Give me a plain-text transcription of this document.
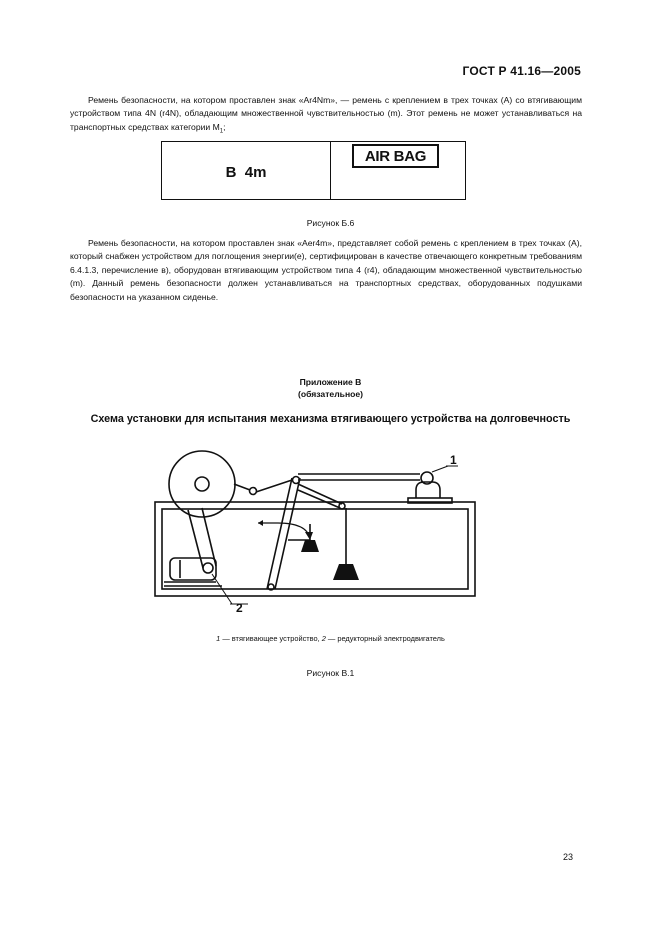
ГОСТ Р 41.16—2005
Ремень безопасности, на котором проставлен знак «Ar4Nm», — ремень с креплением в трех точках (А) со втягивающим устройством типа 4N (r4N), обладающим множественной чувствительностью (m). Этот ремень не может устанавливаться на транспортных средствах категории $M_1$;
B  4m
AIR BAG
Рисунок Б.6
Ремень безопасности, на котором проставлен знак «Aer4m», представляет собой ремень с креплением в трех точках (А), который снабжен устройством для поглощения энергии(е), сертифицирован в качестве отвечающего конкретным требованиям 6.4.1.3, перечисление в), оборудован втягивающим устройством типа 4 (r4), обладающим множественной чувствительностью (m). Данный ремень безопасности должен устанавливаться на транспортных средствах, оборудованных подушками безопасности на указанном сиденье.
Приложение В
(обязательное)
Схема установки для испытания механизма втягивающего устройства на долговечность
1
2
1 — втягивающее устройство, 2 — редукторный электродвигатель
Рисунок В.1
23
